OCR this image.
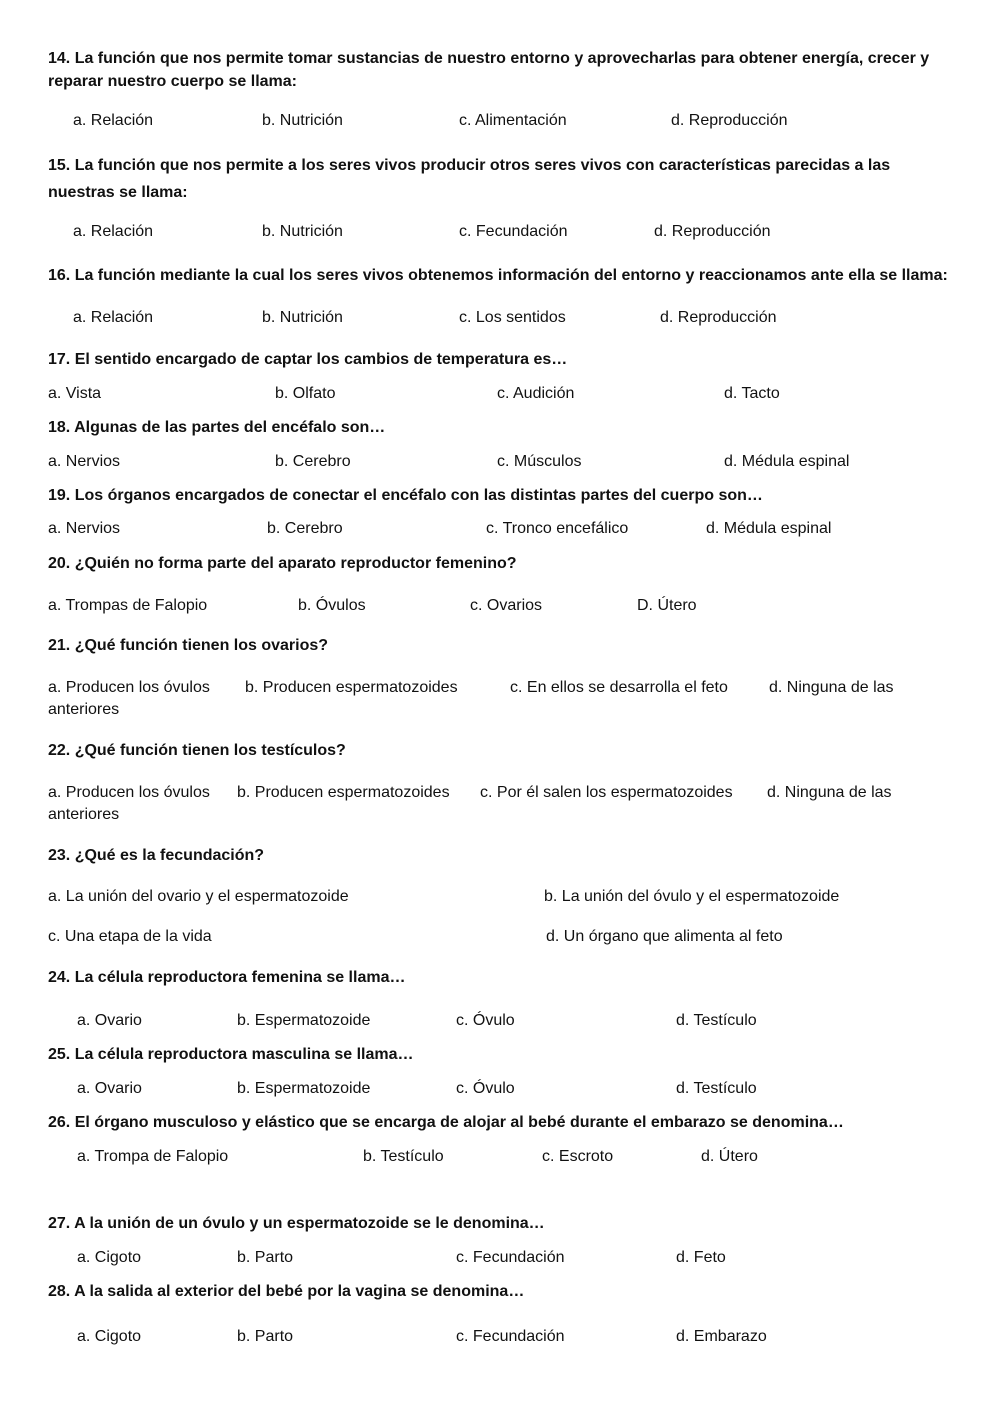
14. La función que nos permite tomar sustancias de nuestro entorno y aprovecharlas para obtener energía, crecer y reparar nuestro cuerpo se llama:
a. Relación	b. Nutrición	c. Alimentación	d. Reproducción
15. La función que nos permite a los seres vivos producir otros seres vivos con características parecidas a las nuestras se llama:
a. Relación	b. Nutrición	c. Fecundación	d. Reproducción
16. La función mediante la cual los seres vivos obtenemos información del entorno y reaccionamos ante ella se llama:
a. Relación	b. Nutrición	c. Los sentidos	d. Reproducción
17. El sentido encargado de captar los cambios de temperatura es…
a. Vista	b. Olfato	c. Audición	d. Tacto
18. Algunas de las partes del encéfalo son…
a. Nervios	b. Cerebro	c. Músculos	d. Médula espinal
19. Los órganos encargados de conectar el encéfalo con las distintas partes del cuerpo son…
a. Nervios	b. Cerebro	c. Tronco encefálico	d. Médula espinal
20. ¿Quién no forma parte del aparato reproductor femenino?
a. Trompas de Falopio	b. Óvulos	c. Ovarios	D. Útero
21. ¿Qué función tienen los ovarios?
a. Producen los óvulos b. Producen espermatozoides	c. En ellos se desarrolla el feto	d. Ninguna de las
anteriores
22. ¿Qué función tienen los testículos?
a. Producen los óvulos b. Producen espermatozoides c. Por él salen los espermatozoides d. Ninguna de las
anteriores
23. ¿Qué es la fecundación?
a. La unión del ovario y el espermatozoide	b. La unión del óvulo y el espermatozoide
c. Una etapa de la vida	d. Un órgano que alimenta al feto
24. La célula reproductora femenina se llama…
a. Ovario	b. Espermatozoide	c. Óvulo	d. Testículo
25. La célula reproductora masculina se llama…
a. Ovario	b. Espermatozoide	c. Óvulo	d. Testículo
26. El órgano musculoso y elástico que se encarga de alojar al bebé durante el embarazo se denomina…
a. Trompa de Falopio	b. Testículo	c. Escroto	d. Útero
27. A la unión de un óvulo y un espermatozoide se le denomina…
a. Cigoto	b. Parto	c. Fecundación	d. Feto
28. A la salida al exterior del bebé por la vagina se denomina…
a. Cigoto	b. Parto	c. Fecundación	d. Embarazo
